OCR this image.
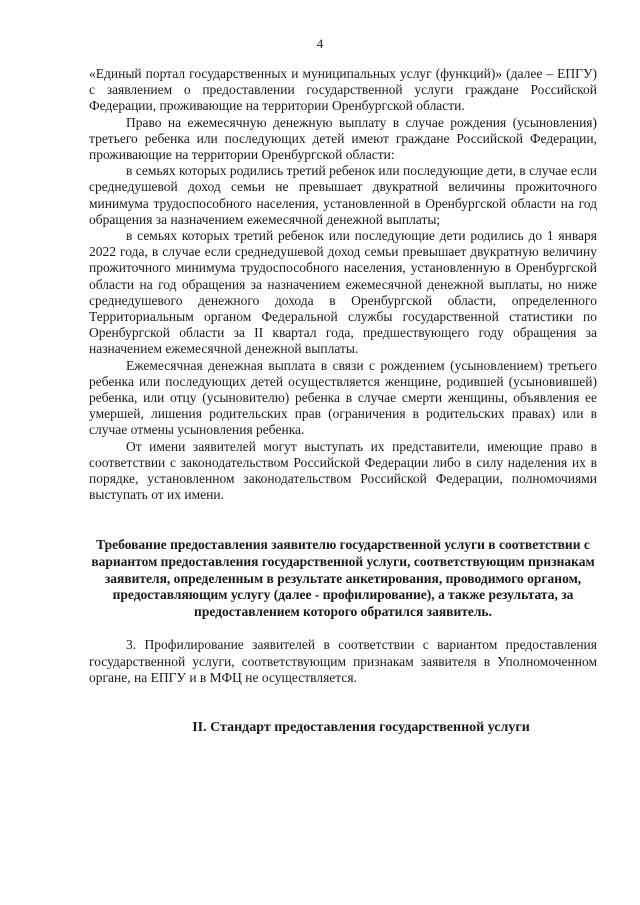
4

«Единый портал государственных и муниципальных услуг (функций)» (далее – ЕПГУ) с заявлением о предоставлении государственной услуги граждане Российской Федерации, проживающие на территории Оренбургской области.

Право на ежемесячную денежную выплату в случае рождения (усыновления) третьего ребенка или последующих детей имеют граждане Российской Федерации, проживающие на территории Оренбургской области:

в семьях которых родились третий ребенок или последующие дети, в случае если среднедушевой доход семьи не превышает двукратной величины прожиточного минимума трудоспособного населения, установленной в Оренбургской области на год обращения за назначением ежемесячной денежной выплаты;

в семьях которых третий ребенок или последующие дети родились до 1 января 2022 года, в случае если среднедушевой доход семьи превышает двукратную величину прожиточного минимума трудоспособного населения, установленную в Оренбургской области на год обращения за назначением ежемесячной денежной выплаты, но ниже среднедушевого денежного дохода в Оренбургской области, определенного Территориальным органом Федеральной службы государственной статистики по Оренбургской области за II квартал года, предшествующего году обращения за назначением ежемесячной денежной выплаты.

Ежемесячная денежная выплата в связи с рождением (усыновлением) третьего ребенка или последующих детей осуществляется женщине, родившей (усыновившей) ребенка, или отцу (усыновителю) ребенка в случае смерти женщины, объявления ее умершей, лишения родительских прав (ограничения в родительских правах) или в случае отмены усыновления ребенка.

От имени заявителей могут выступать их представители, имеющие право в соответствии с законодательством Российской Федерации либо в силу наделения их в порядке, установленном законодательством Российской Федерации, полномочиями выступать от их имени.

Требование предоставления заявителю государственной услуги в соответствии с вариантом предоставления государственной услуги, соответствующим признакам заявителя, определенным в результате анкетирования, проводимого органом, предоставляющим услугу (далее - профилирование), а также результата, за предоставлением которого обратился заявитель.

3. Профилирование заявителей в соответствии с вариантом предоставления государственной услуги, соответствующим признакам заявителя в Уполномоченном органе, на ЕПГУ и в МФЦ не осуществляется.

II. Стандарт предоставления государственной услуги
